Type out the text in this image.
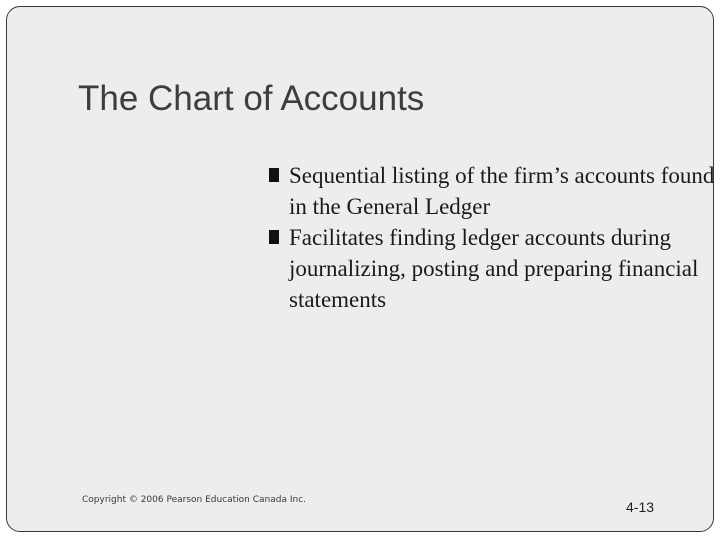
The Chart of Accounts
Sequential listing of the firm’s accounts found in the General Ledger
Facilitates finding ledger accounts during journalizing, posting and preparing financial statements
Copyright © 2006 Pearson Education Canada Inc.	4-13
